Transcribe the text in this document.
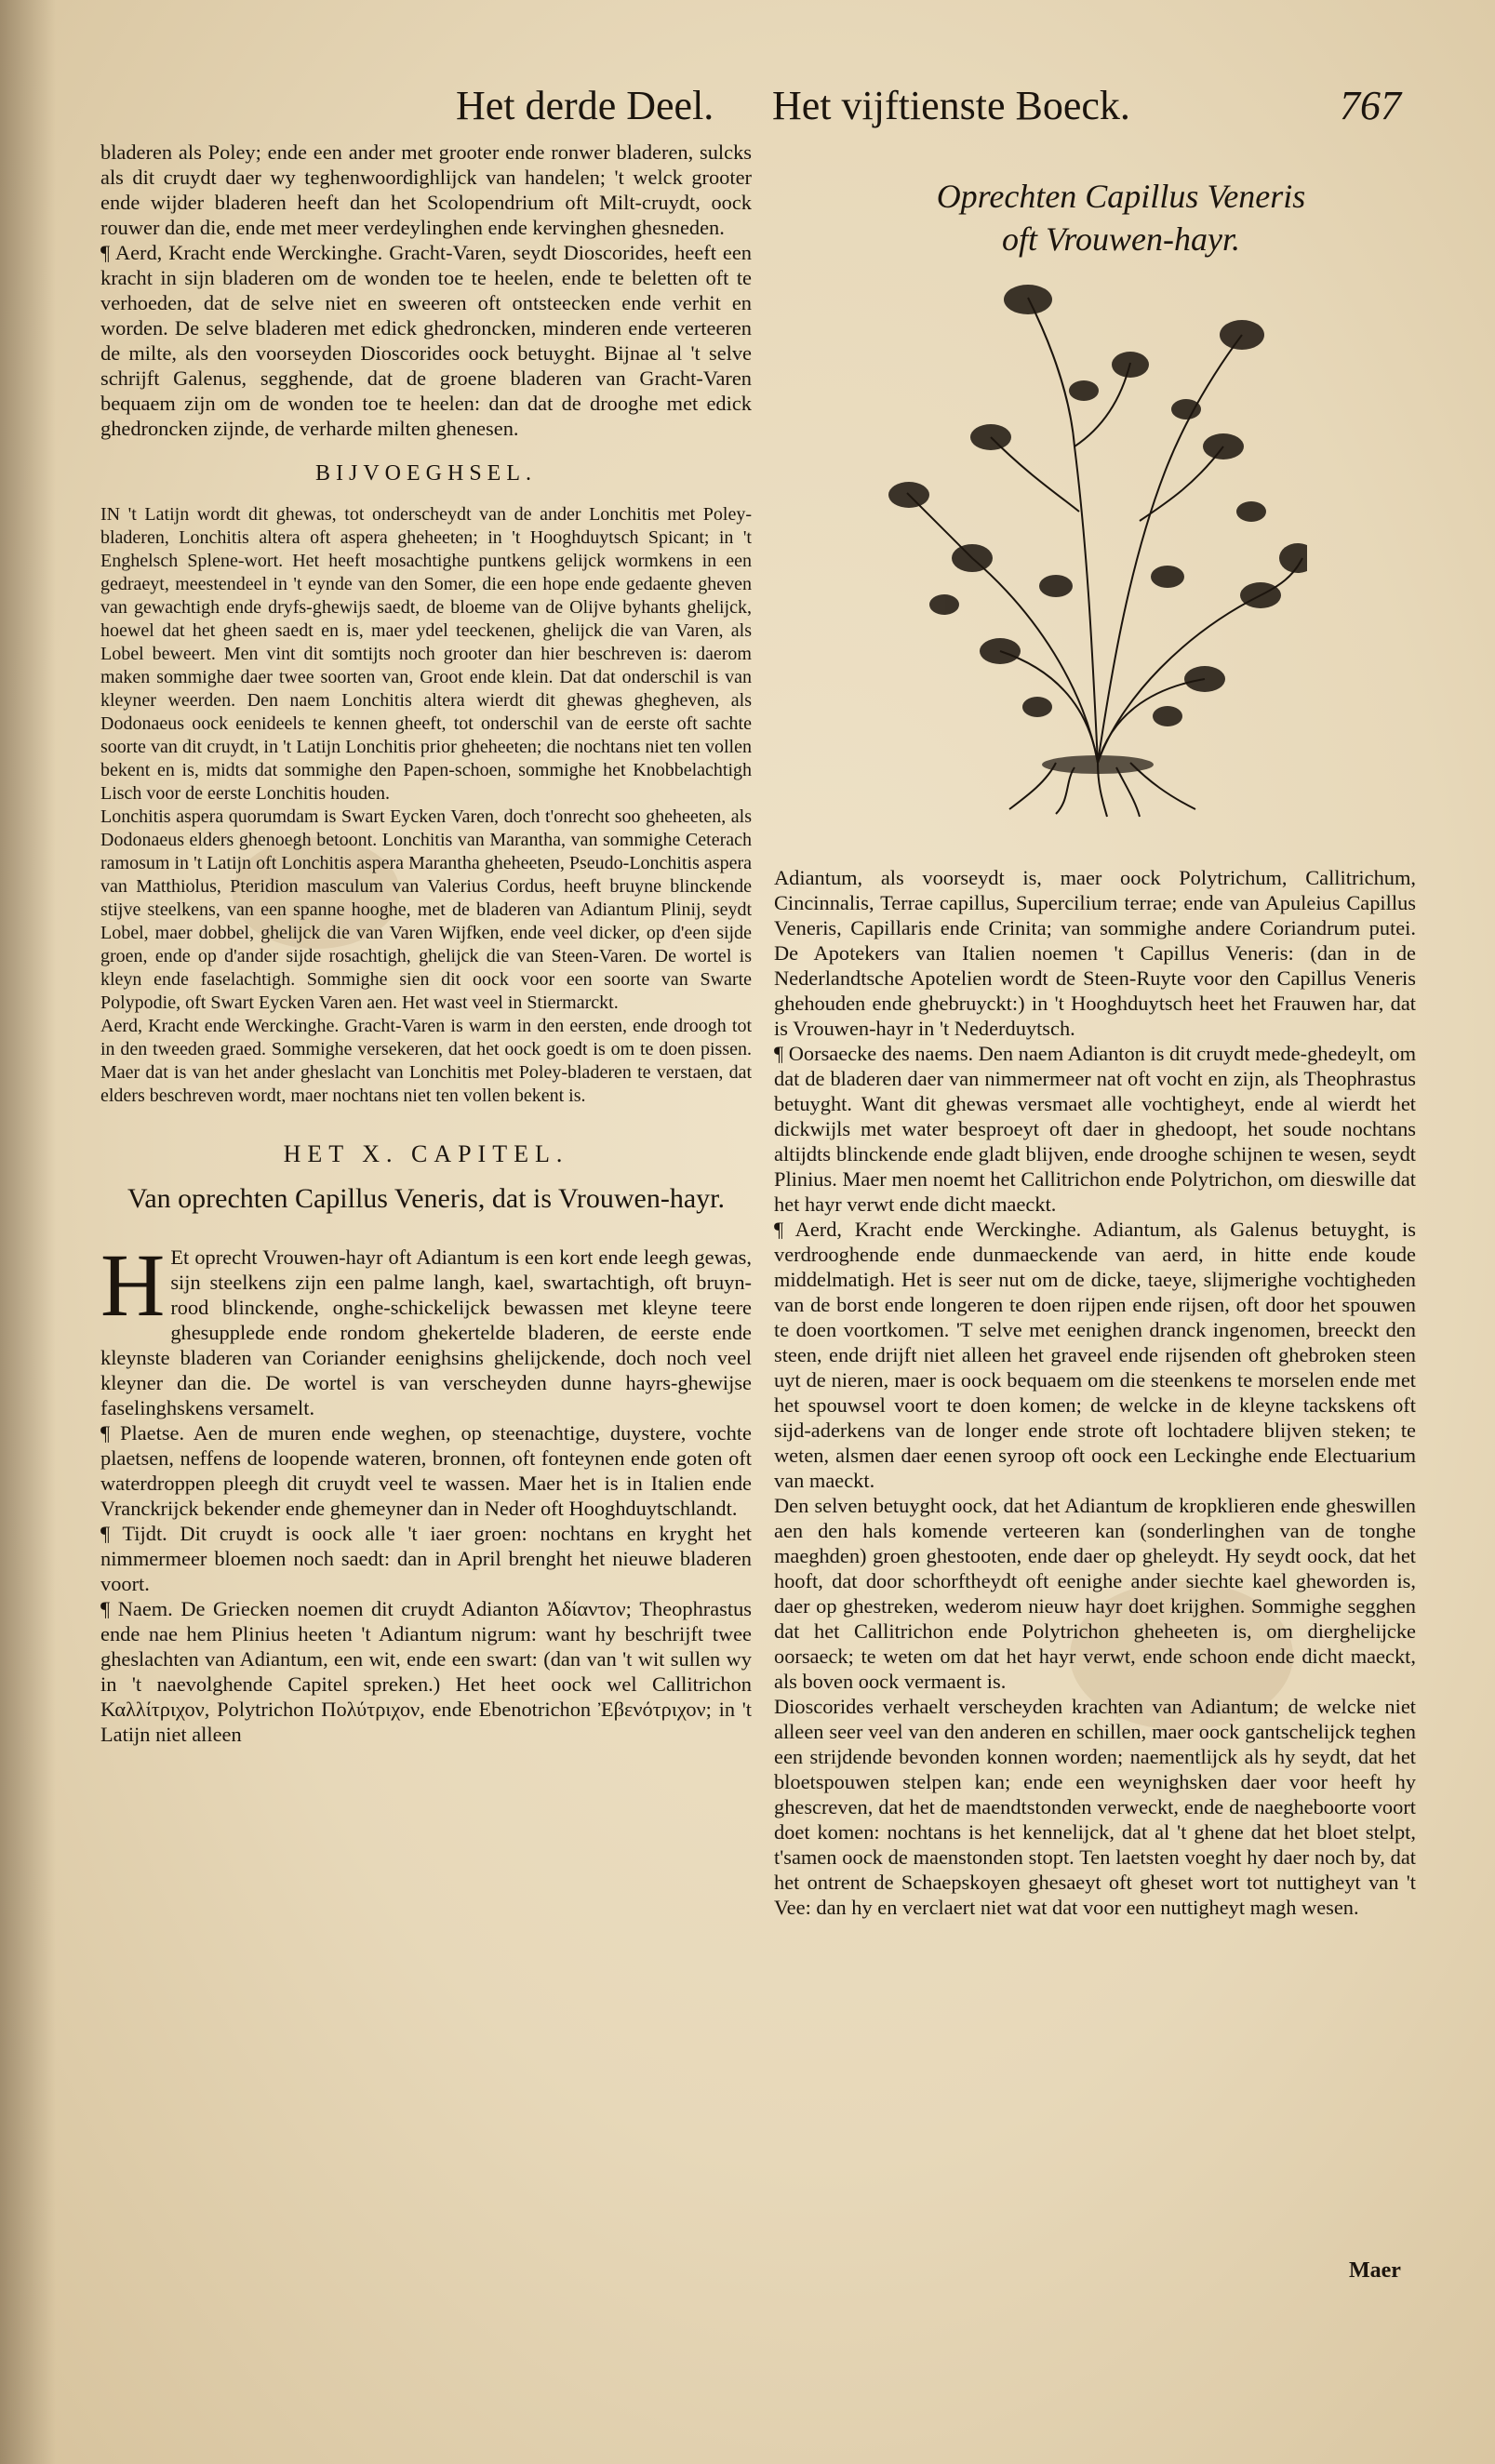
Het derde Deel. Het vijftienste Boeck.	767

bladeren als Poley; ende een ander met grooter ende ronwer bladeren, sulcks als dit cruydt daer wy teghenwoordighlijck van handelen; 't welck grooter ende wijder bladeren heeft dan het Scolopendrium oft Milt-cruydt, oock rouwer dan die, ende met meer verdeylinghen ende kervinghen ghesneden.

¶ Aerd, Kracht ende Werckinghe. Gracht-Varen, seydt Dioscorides, heeft een kracht in sijn bladeren om de wonden toe te heelen, ende te beletten oft te verhoeden, dat de selve niet en sweeren oft ontsteecken ende verhit en worden. De selve bladeren met edick ghedroncken, minderen ende verteeren de milte, als den voorseyden Dioscorides oock betuyght. Bijnae al 't selve schrijft Galenus, segghende, dat de groene bladeren van Gracht-Varen bequaem zijn om de wonden toe te heelen: dan dat de drooghe met edick ghedroncken zijnde, de verharde milten ghenesen.

BIJVOEGHSEL.

IN 't Latijn wordt dit ghewas, tot onderscheydt van de ander Lonchitis met Poley-bladeren, Lonchitis altera oft aspera gheheeten; in 't Hooghduytsch Spicant; in 't Enghelsch Splene-wort. Het heeft mosachtighe puntkens gelijck wormkens in een gedraeyt, meestendeel in 't eynde van den Somer, die een hope ende gedaente gheven van gewachtigh ende dryfs-ghewijs saedt, de bloeme van de Olijve byhants ghelijck, hoewel dat het gheen saedt en is, maer ydel teeckenen, ghelijck die van Varen, als Lobel beweert. Men vint dit somtijts noch grooter dan hier beschreven is: daerom maken sommighe daer twee soorten van, Groot ende klein. Dat dat onderschil is van kleyner weerden. Den naem Lonchitis altera wierdt dit ghewas ghegheven, als Dodonaeus oock eenideels te kennen gheeft, tot onderschil van de eerste oft sachte soorte van dit cruydt, in 't Latijn Lonchitis prior gheheeten; die nochtans niet ten vollen bekent en is, midts dat sommighe den Papen-schoen, sommighe het Knobbelachtigh Lisch voor de eerste Lonchitis houden.

Lonchitis aspera quorumdam is Swart Eycken Varen, doch t'onrecht soo gheheeten, als Dodonaeus elders ghenoegh betoont. Lonchitis van Marantha, van sommighe Ceterach ramosum in 't Latijn oft Lonchitis aspera Marantha gheheeten, Pseudo-Lonchitis aspera van Matthiolus, Pteridion masculum van Valerius Cordus, heeft bruyne blinckende stijve steelkens, van een spanne hooghe, met de bladeren van Adiantum Plinij, seydt Lobel, maer dobbel, ghelijck die van Varen Wijfken, ende veel dicker, op d'een sijde groen, ende op d'ander sijde rosachtigh, ghelijck die van Steen-Varen. De wortel is kleyn ende faselachtigh. Sommighe sien dit oock voor een soorte van Swarte Polypodie, oft Swart Eycken Varen aen. Het wast veel in Stiermarckt.

Aerd, Kracht ende Werckinghe. Gracht-Varen is warm in den eersten, ende droogh tot in den tweeden graed. Sommighe versekeren, dat het oock goedt is om te doen pissen. Maer dat is van het ander gheslacht van Lonchitis met Poley-bladeren te verstaen, dat elders beschreven wordt, maer nochtans niet ten vollen bekent is.

HET X. CAPITEL.
Van oprechten Capillus Veneris, dat is Vrouwen-hayr.

H Et oprecht Vrouwen-hayr oft Adiantum is een kort ende leegh gewas, sijn steelkens zijn een palme langh, kael, swartachtigh, oft bruyn-rood blinckende, onghe-schickelijck bewassen met kleyne teere ghesupplede ende rondom ghekertelde bladeren, de eerste ende kleynste bladeren van Coriander eenighsins ghelijckende, doch noch veel kleyner dan die. De wortel is van verscheyden dunne hayrs-ghewijse faselinghskens versamelt.

¶ Plaetse. Aen de muren ende weghen, op steenachtige, duystere, vochte plaetsen, neffens de loopende wateren, bronnen, oft fonteynen ende goten oft waterdroppen pleegh dit cruydt veel te wassen. Maer het is in Italien ende Vranckrijck bekender ende ghemeyner dan in Neder oft Hooghduytschlandt.

¶ Tijdt. Dit cruydt is oock alle 't iaer groen: nochtans en kryght het nimmermeer bloemen noch saedt: dan in April brenght het nieuwe bladeren voort.

¶ Naem. De Griecken noemen dit cruydt Adianton Ἀδίαντον; Theophrastus ende nae hem Plinius heeten 't Adiantum nigrum: want hy beschrijft twee gheslachten van Adiantum, een wit, ende een swart: (dan van 't wit sullen wy in 't naevolghende Capitel spreken.) Het heet oock wel Callitrichon Καλλίτριχον, Polytrichon Πολύτριχον, ende Ebenotrichon Ἐβενότριχον; in 't Latijn niet alleen

Oprechten Capillus Veneris
oft Vrouwen-hayr.

Adiantum, als voorseydt is, maer oock Polytrichum, Callitrichum, Cincinnalis, Terrae capillus, Supercilium terrae; ende van Apuleius Capillus Veneris, Capillaris ende Crinita; van sommighe andere Coriandrum putei. De Apotekers van Italien noemen 't Capillus Veneris: (dan in de Nederlandtsche Apotelien wordt de Steen-Ruyte voor den Capillus Veneris ghehouden ende ghebruyckt:) in 't Hooghduytsch heet het Frauwen har, dat is Vrouwen-hayr in 't Nederduytsch.

¶ Oorsaecke des naems. Den naem Adianton is dit cruydt mede-ghedeylt, om dat de bladeren daer van nimmermeer nat oft vocht en zijn, als Theophrastus betuyght. Want dit ghewas versmaet alle vochtigheyt, ende al wierdt het dickwijls met water besproeyt oft daer in ghedoopt, het soude nochtans altijdts blinckende ende gladt blijven, ende drooghe schijnen te wesen, seydt Plinius. Maer men noemt het Callitrichon ende Polytrichon, om dieswille dat het hayr verwt ende dicht maeckt.

¶ Aerd, Kracht ende Werckinghe. Adiantum, als Galenus betuyght, is verdrooghende ende dunmaeckende van aerd, in hitte ende koude middelmatigh. Het is seer nut om de dicke, taeye, slijmerighe vochtigheden van de borst ende longeren te doen rijpen ende rijsen, oft door het spouwen te doen voortkomen. 'T selve met eenighen dranck ingenomen, breeckt den steen, ende drijft niet alleen het graveel ende rijsenden oft ghebroken steen uyt de nieren, maer is oock bequaem om die steenkens te morselen ende met het spouwsel voort te doen komen; de welcke in de kleyne tackskens oft sijd-aderkens van de longer ende strote oft lochtadere blijven steken; te weten, alsmen daer eenen syroop oft oock een Leckinghe ende Electuarium van maeckt.

Den selven betuyght oock, dat het Adiantum de kropklieren ende gheswillen aen den hals komende verteeren kan (sonderlinghen van de tonghe maeghden) groen ghestooten, ende daer op gheleydt. Hy seydt oock, dat het hooft, dat door schorftheydt oft eenighe ander siechte kael gheworden is, daer op ghestreken, wederom nieuw hayr doet krijghen. Sommighe segghen dat het Callitrichon ende Polytrichon gheheeten is, om dierghelijcke oorsaeck; te weten om dat het hayr verwt, ende schoon ende dicht maeckt, als boven oock vermaent is.

Dioscorides verhaelt verscheyden krachten van Adiantum; de welcke niet alleen seer veel van den anderen en schillen, maer oock gantschelijck teghen een strijdende bevonden konnen worden; naementlijck als hy seydt, dat het bloetspouwen stelpen kan; ende een weynighsken daer voor heeft hy ghescreven, dat het de maendtstonden verweckt, ende de naegheboorte voort doet komen: nochtans is het kennelijck, dat al 't ghene dat het bloet stelpt, t'samen oock de maenstonden stopt. Ten laetsten voeght hy daer noch by, dat het ontrent de Schaepskoyen ghesaeyt oft gheset wort tot nuttigheyt van 't Vee: dan hy en verclaert niet wat dat voor een nuttigheyt magh wesen.

Maer
